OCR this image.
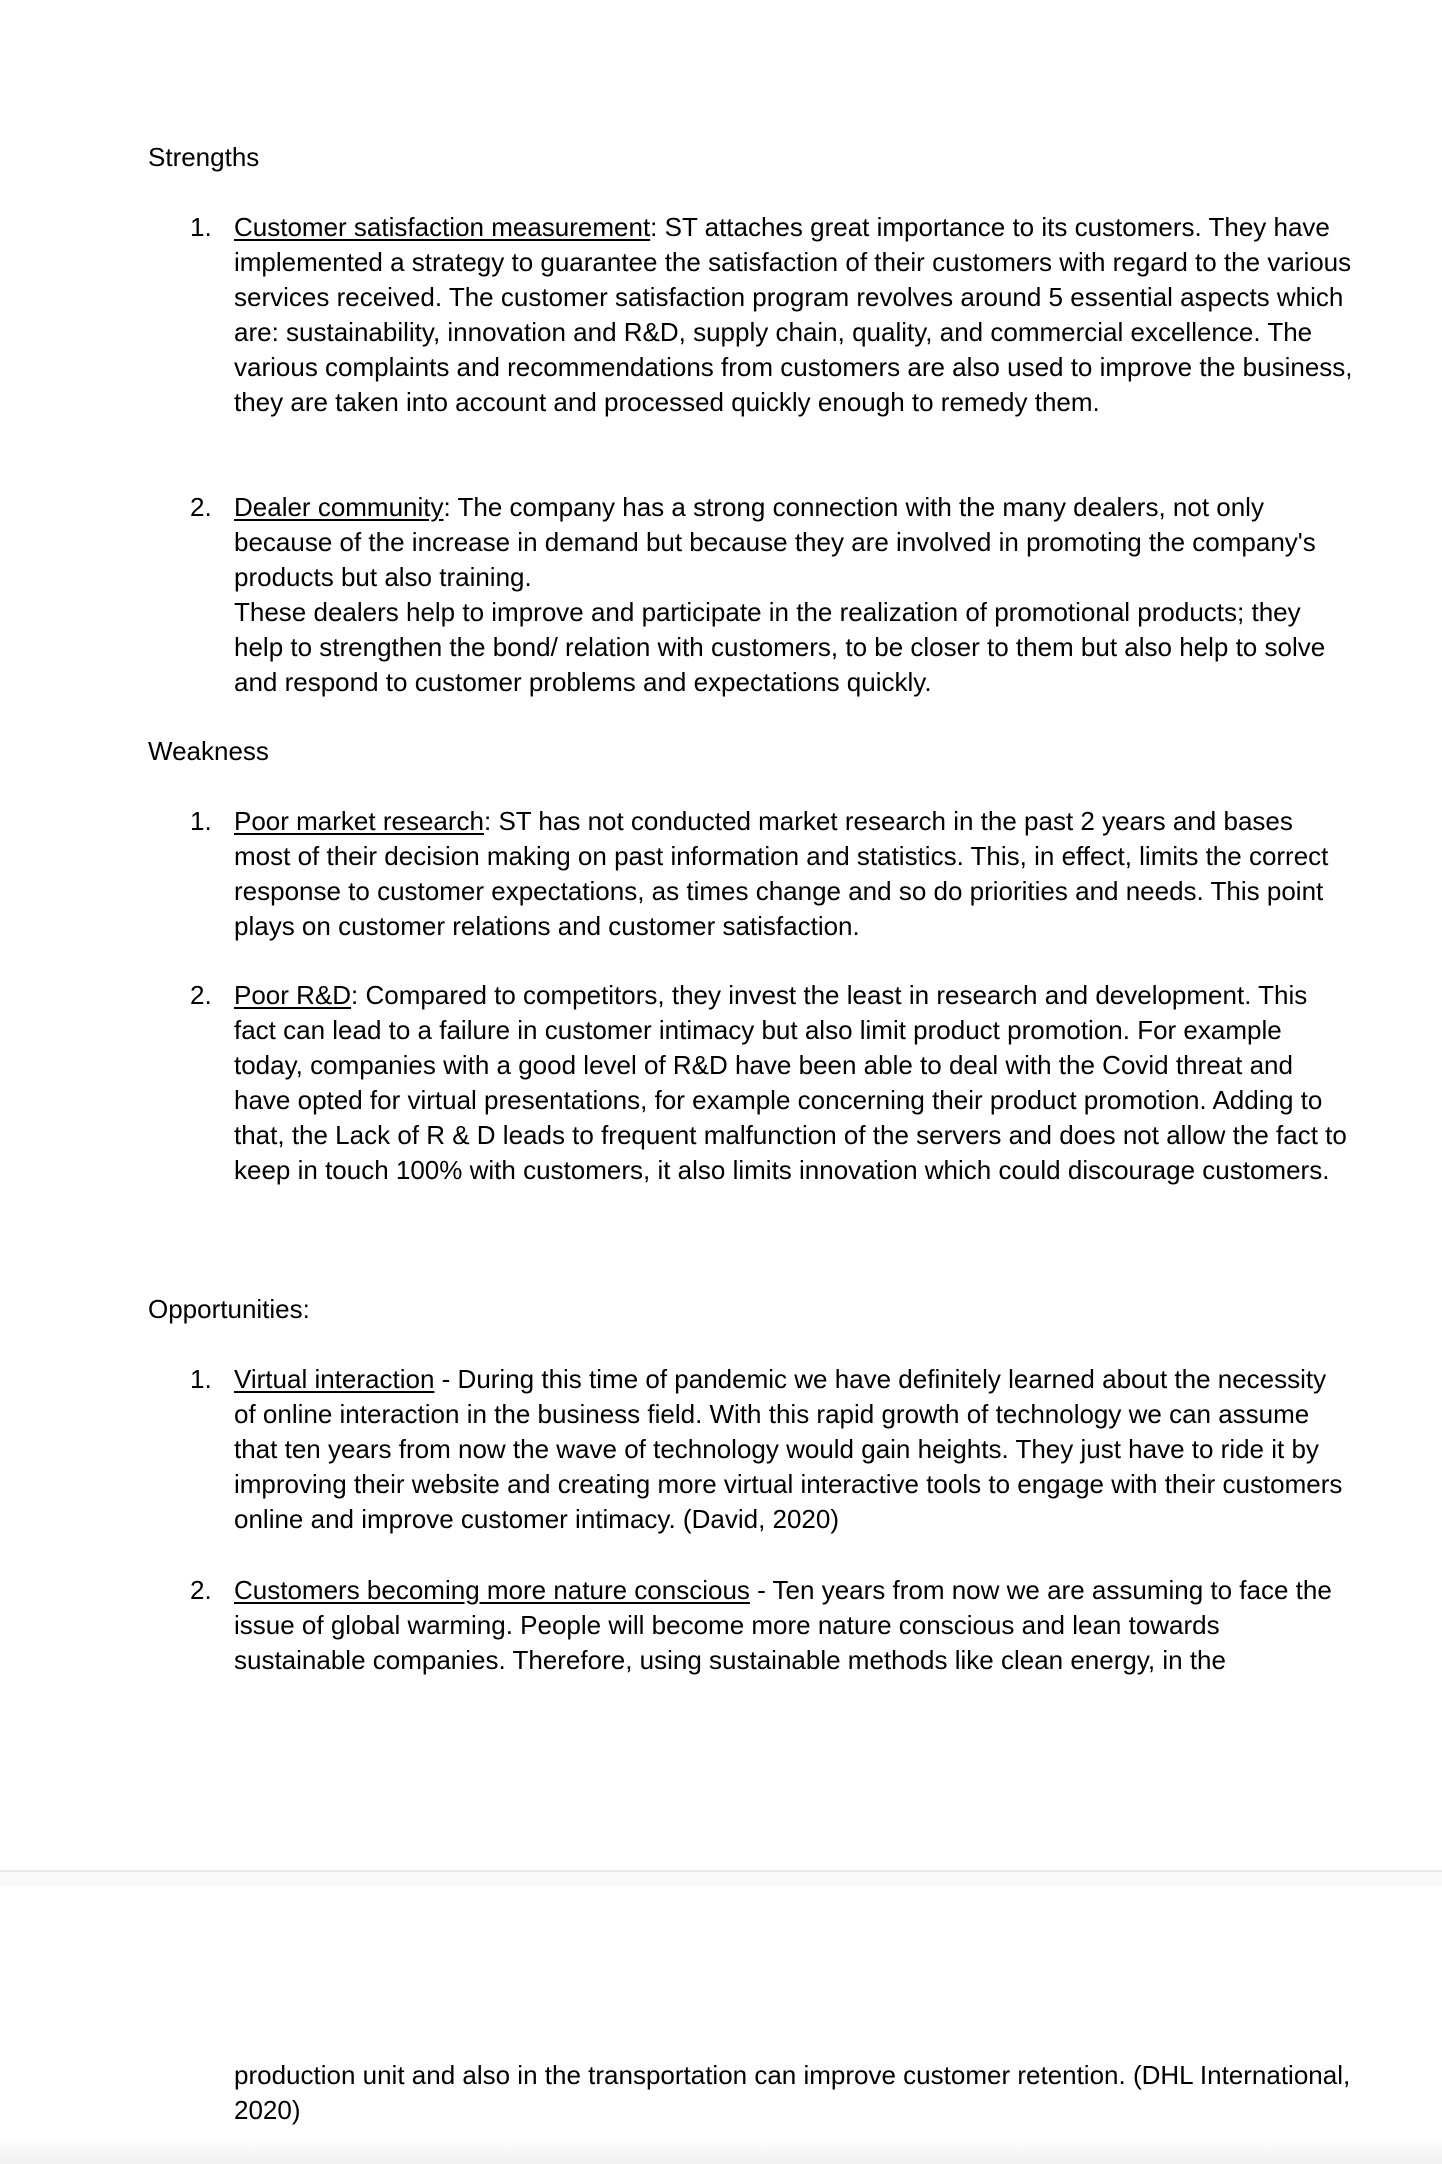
Strengths
1. Customer satisfaction measurement: ST attaches great importance to its customers. They have implemented a strategy to guarantee the satisfaction of their customers with regard to the various services received. The customer satisfaction program revolves around 5 essential aspects which are: sustainability, innovation and R&D, supply chain, quality, and commercial excellence. The various complaints and recommendations from customers are also used to improve the business, they are taken into account and processed quickly enough to remedy them.

2. Dealer community: The company has a strong connection with the many dealers, not only because of the increase in demand but because they are involved in promoting the company's products but also training.

These dealers help to improve and participate in the realization of promotional products; they help to strengthen the bond/ relation with customers, to be closer to them but also help to solve and respond to customer problems and expectations quickly.

Weakness
1. Poor market research: ST has not conducted market research in the past 2 years and bases most of their decision making on past information and statistics. This, in effect, limits the correct response to customer expectations, as times change and so do priorities and needs. This point plays on customer relations and customer satisfaction.

2. Poor R&D: Compared to competitors, they invest the least in research and development. This fact can lead to a failure in customer intimacy but also limit product promotion. For example today, companies with a good level of R&D have been able to deal with the Covid threat and have opted for virtual presentations, for example concerning their product promotion. Adding to that, the Lack of R & D leads to frequent malfunction of the servers and does not allow the fact to keep in touch 100% with customers, it also limits innovation which could discourage customers.

Opportunities:
1. Virtual interaction - During this time of pandemic we have definitely learned about the necessity of online interaction in the business field. With this rapid growth of technology we can assume that ten years from now the wave of technology would gain heights. They just have to ride it by improving their website and creating more virtual interactive tools to engage with their customers online and improve customer intimacy. (David, 2020)

2. Customers becoming more nature conscious - Ten years from now we are assuming to face the issue of global warming. People will become more nature conscious and lean towards sustainable companies. Therefore, using sustainable methods like clean energy, in the

production unit and also in the transportation can improve customer retention. (DHL International, 2020)
